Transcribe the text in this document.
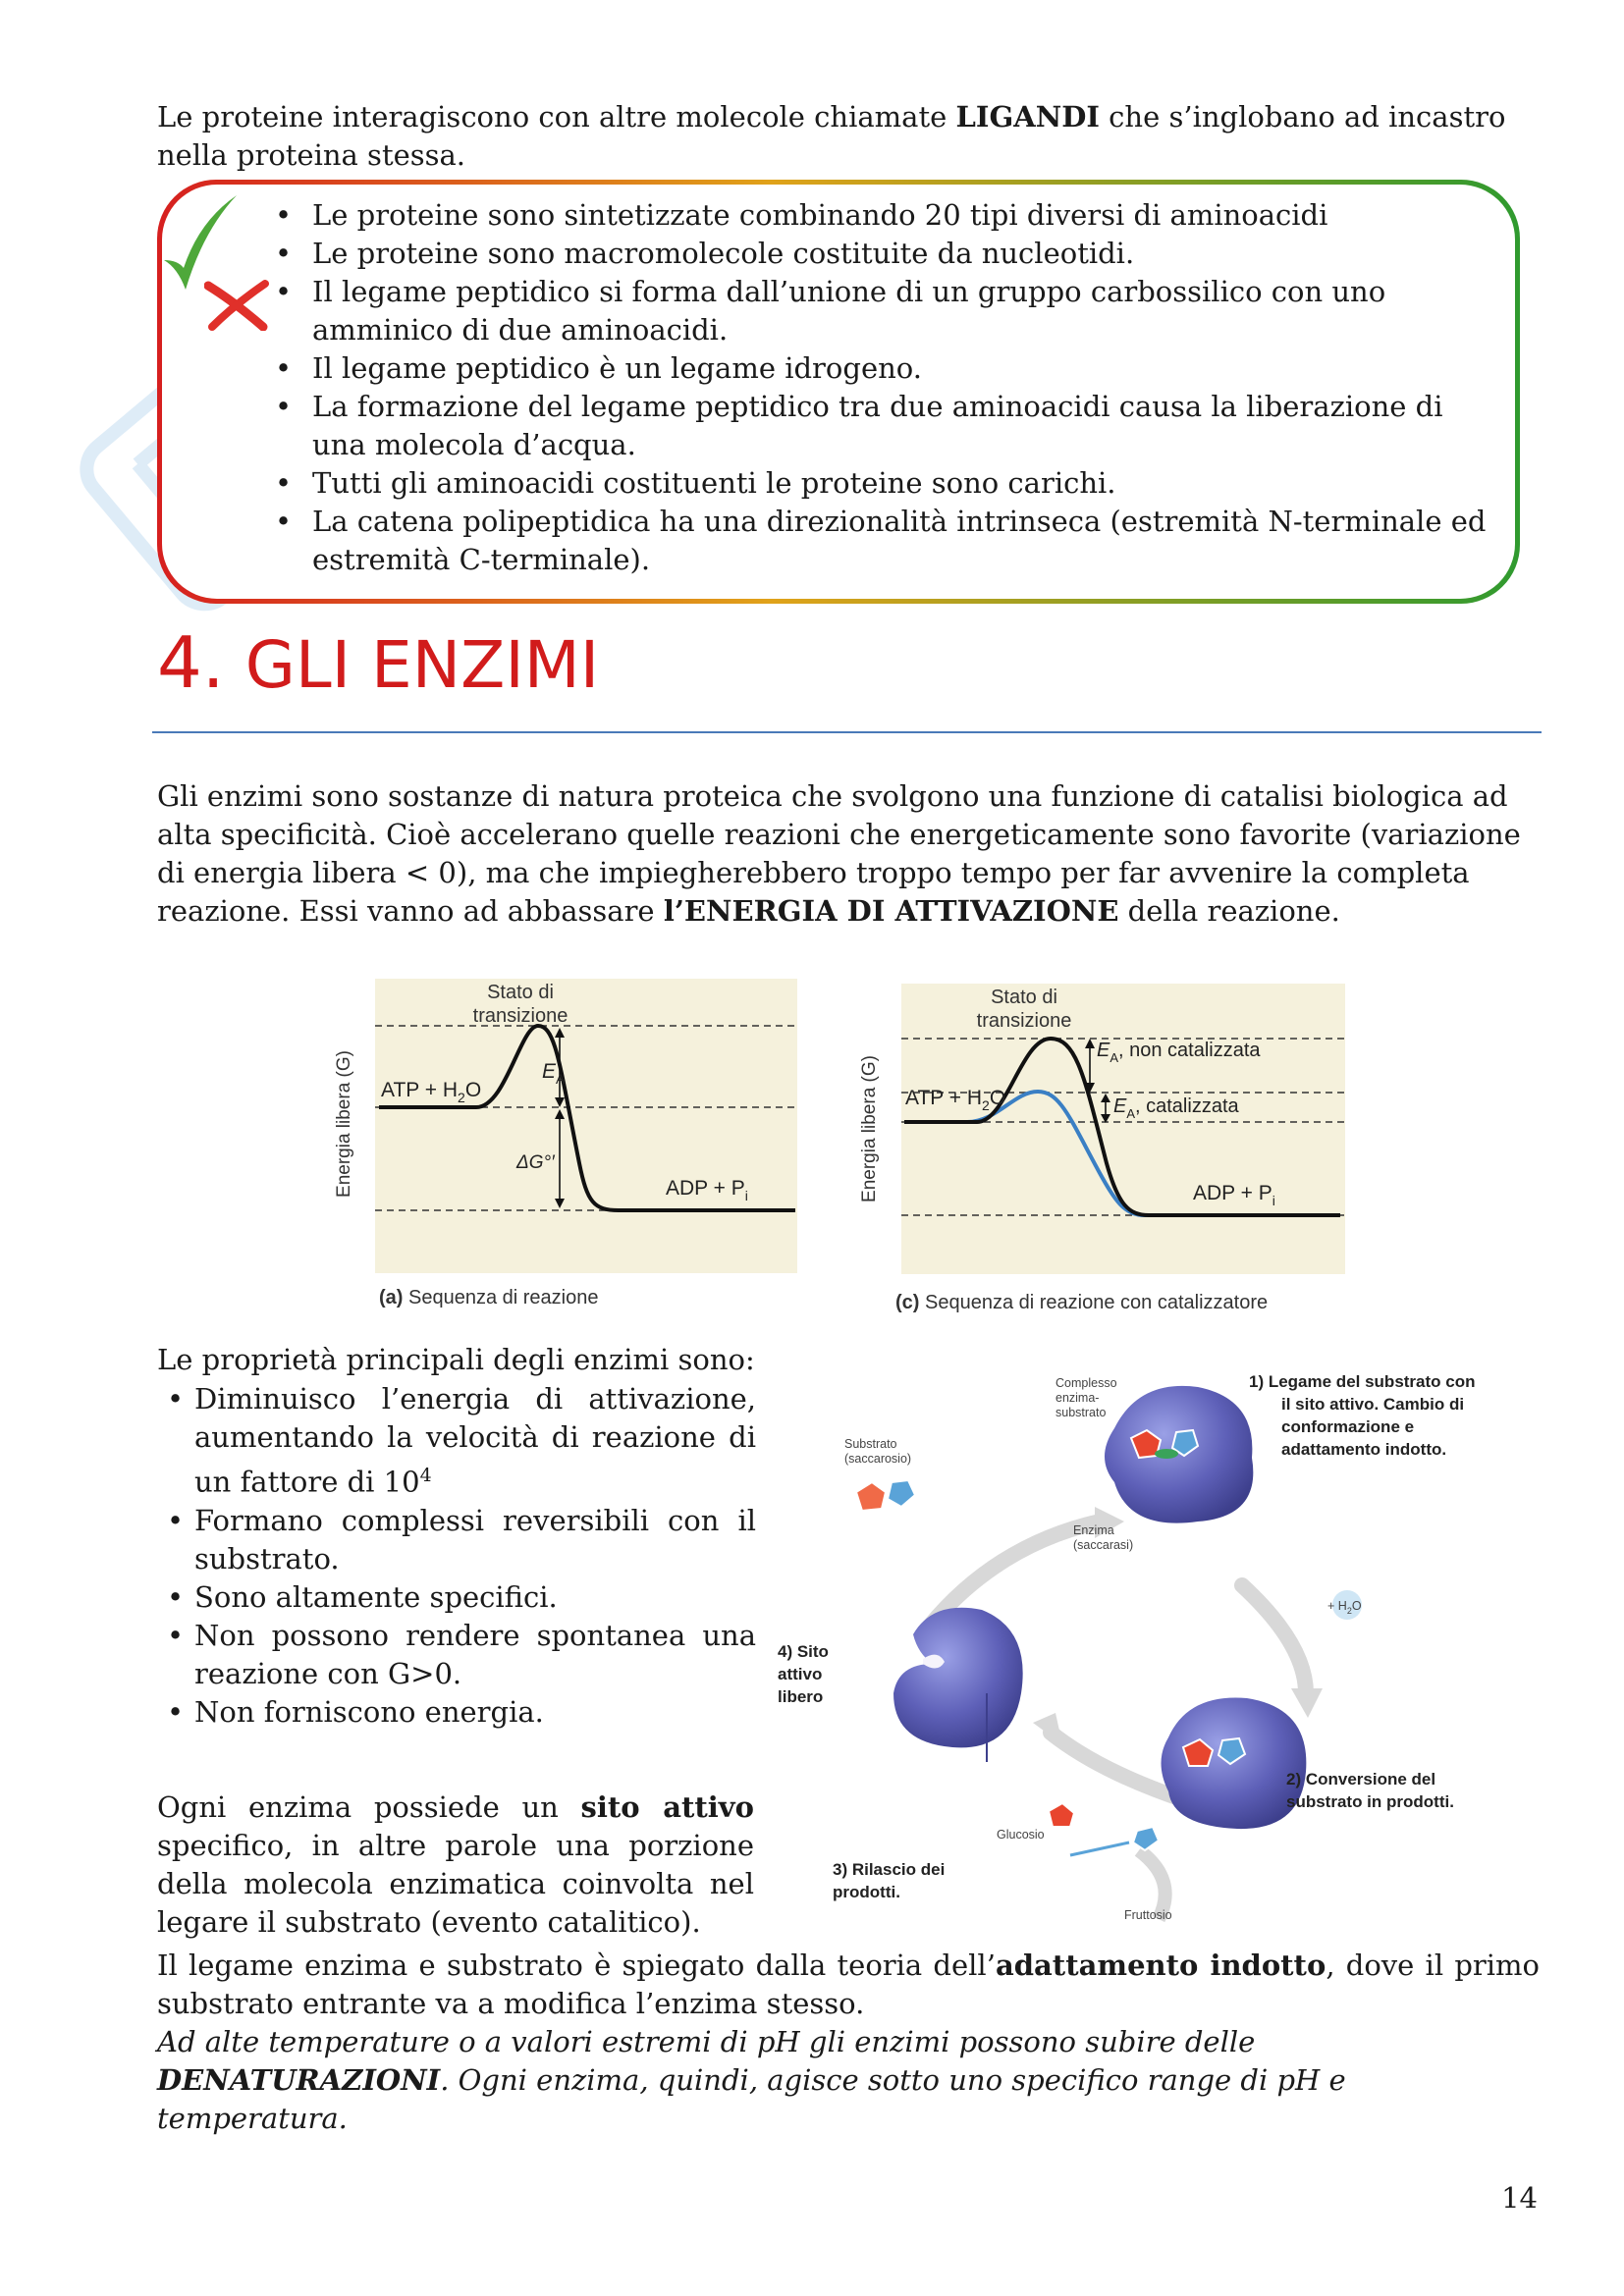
Le proteine interagiscono con altre molecole chiamate LIGANDI che s’inglobano ad incastro nella proteina stessa.
• Le proteine sono sintetizzate combinando 20 tipi diversi di aminoacidi
• Le proteine sono macromolecole costituite da nucleotidi.
• Il legame peptidico si forma dall’unione di un gruppo carbossilico con uno amminico di due aminoacidi.
• Il legame peptidico è un legame idrogeno.
• La formazione del legame peptidico tra due aminoacidi causa la liberazione di una molecola d’acqua.
• Tutti gli aminoacidi costituenti le proteine sono carichi.
• La catena polipeptidica ha una direzionalità intrinseca (estremità N-terminale ed estremità C-terminale).
4. GLI ENZIMI
Gli enzimi sono sostanze di natura proteica che svolgono una funzione di catalisi biologica ad alta specificità. Cioè accelerano quelle reazioni che energeticamente sono favorite (variazione di energia libera < 0), ma che impiegherebbero troppo tempo per far avvenire la completa reazione. Essi vanno ad abbassare l’ENERGIA DI ATTIVAZIONE della reazione.
Stato di
transizione
ATP + $H_2O$
$E_A$
ΔG°′
ADP + $P_i$
Energia libera (G)
(a) Sequenza di reazione
Stato di
transizione
ATP + $H_2O$
$E_A$, non catalizzata
$E_A$, catalizzata
ADP + $P_i$
Energia libera (G)
(c) Sequenza di reazione con catalizzatore
Le proprietà principali degli enzimi sono:
• Diminuisco l’energia di attivazione, aumentando la velocità di reazione di un fattore di $10^4$
• Formano complessi reversibili con il substrato.
• Sono altamente specifici.
• Non possono rendere spontanea una reazione con G>0.
• Non forniscono energia.
Ogni enzima possiede un sito attivo specifico, in altre parole una porzione della molecola enzimatica coinvolta nel legare il substrato (evento catalitico).
Complesso
enzima-
substrato
Substrato
(saccarosio)
Enzima
(saccarasi)
+ $H_2O$
Glucosio
Fruttosio
1) Legame del substrato con
il sito attivo. Cambio di
conformazione e
adattamento indotto.
2) Conversione del
substrato in prodotti.
3) Rilascio dei
prodotti.
4) Sito
attivo
libero
Il legame enzima e substrato è spiegato dalla teoria dell’adattamento indotto, dove il primo substrato entrante va a modifica l’enzima stesso.
Ad alte temperature o a valori estremi di pH gli enzimi possono subire delle DENATURAZIONI. Ogni enzima, quindi, agisce sotto uno specifico range di pH e temperatura.
14
